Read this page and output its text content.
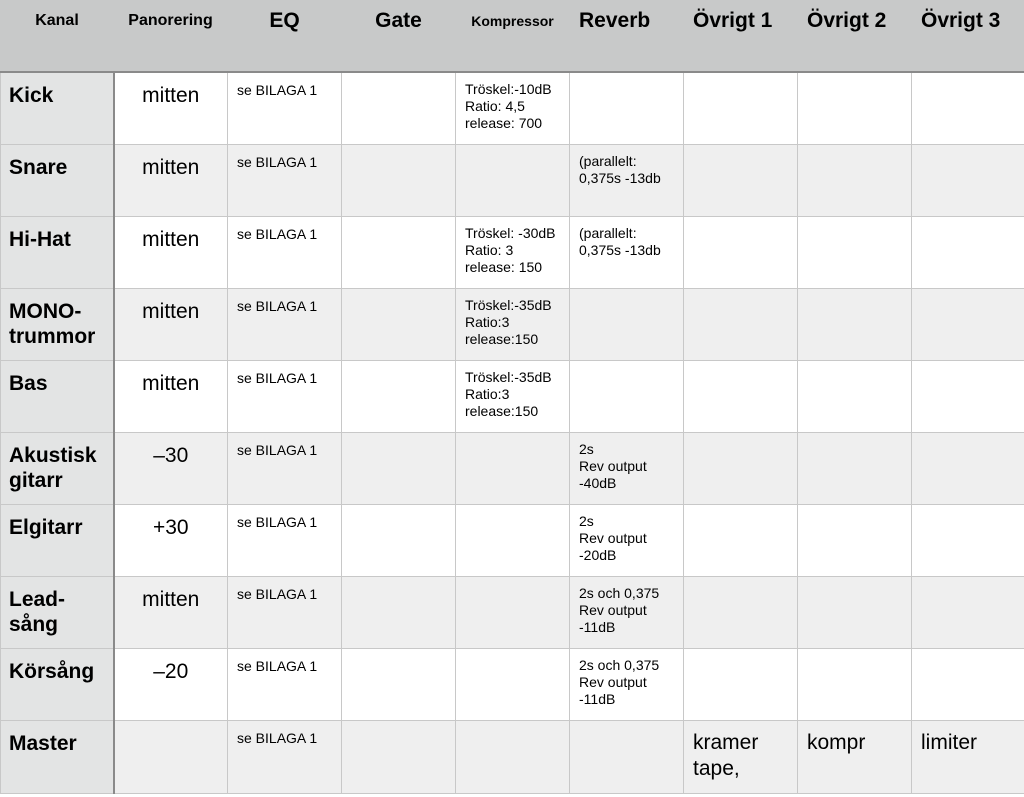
Kanal	Panorering	EQ	Gate	Kompressor	Reverb	Övrigt 1	Övrigt 2	Övrigt 3

Kick	mitten	se BILAGA 1		Tröskel:-10dB
Ratio: 4,5
release: 700				
Snare	mitten	se BILAGA 1			(parallelt:
0,375s -13db			
Hi-Hat	mitten	se BILAGA 1		Tröskel: -30dB
Ratio: 3
release: 150	(parallelt:
0,375s -13db			
MONO-
trummor	mitten	se BILAGA 1		Tröskel:-35dB
Ratio:3
release:150				
Bas	mitten	se BILAGA 1		Tröskel:-35dB
Ratio:3
release:150				
Akustisk
gitarr	–30	se BILAGA 1			2s
Rev output
-40dB			
Elgitarr	+30	se BILAGA 1			2s
Rev output
-20dB			
Lead-
sång	mitten	se BILAGA 1			2s och 0,375
Rev output
-11dB			
Körsång	–20	se BILAGA 1			2s och 0,375
Rev output
-11dB			
Master		se BILAGA 1				kramer
tape,	kompr	limiter
